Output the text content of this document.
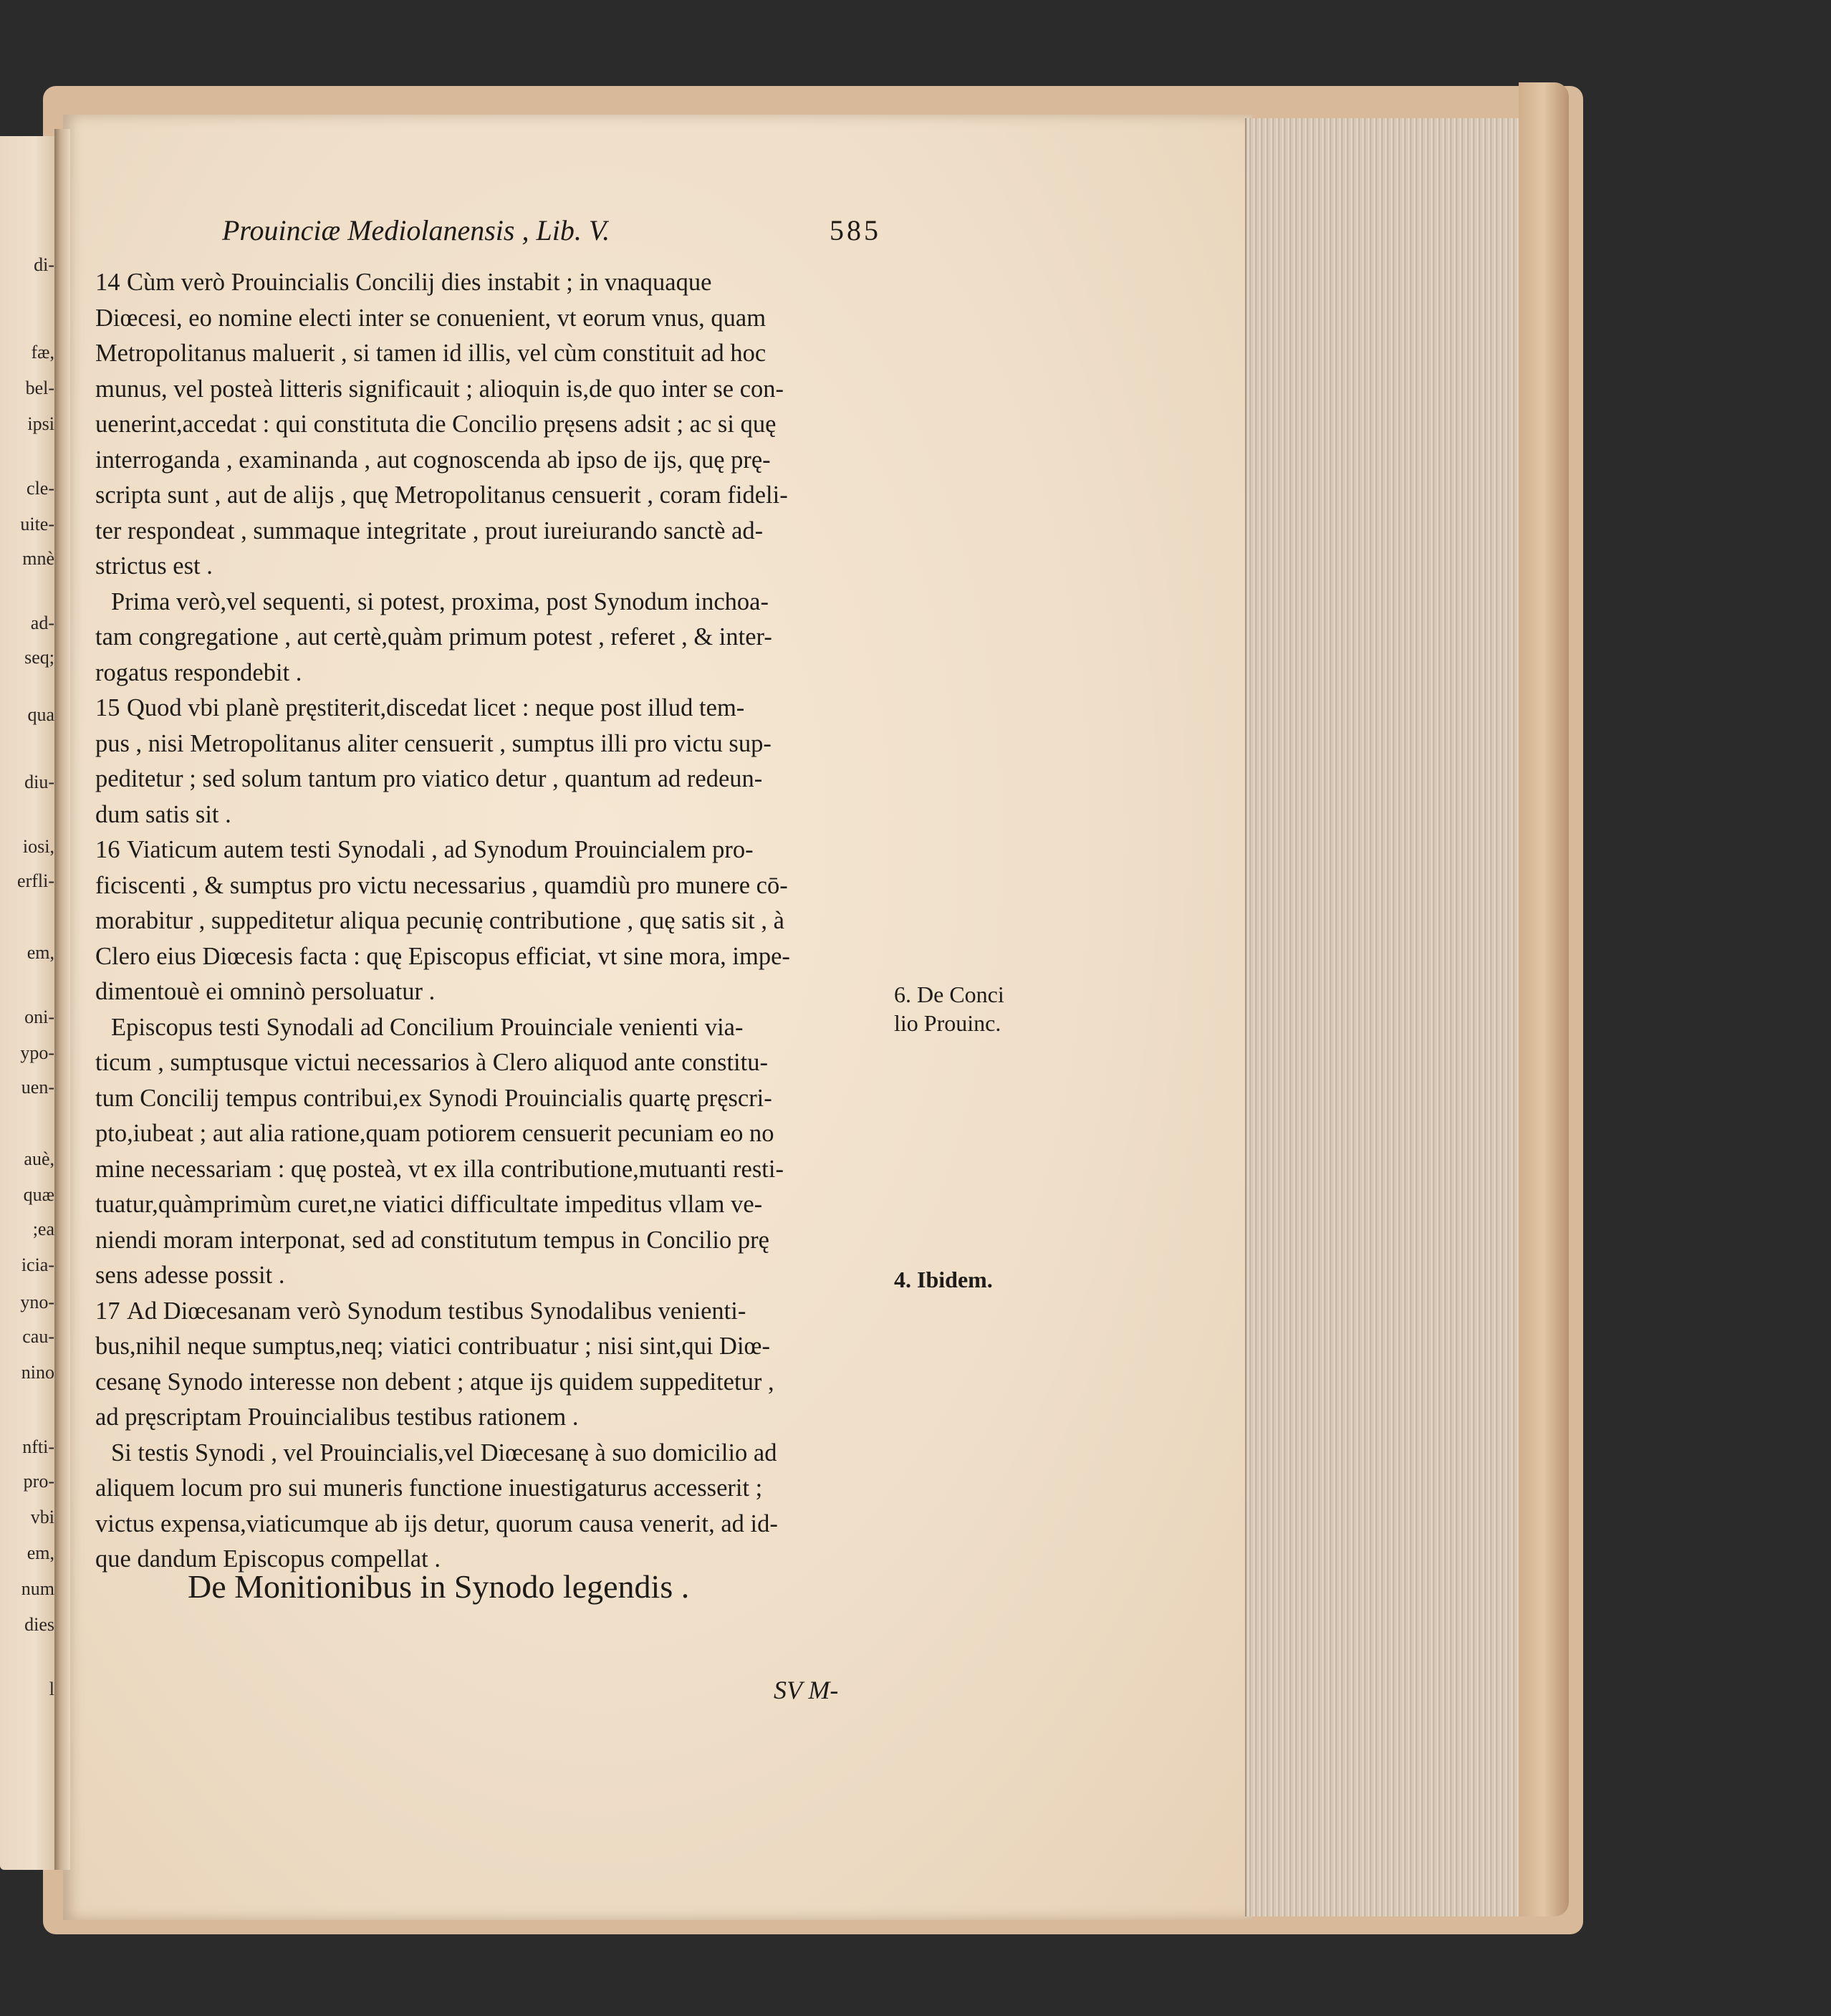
di-
fæ,
bel-
ipsi
cle-
uite-
mnè
ad-
seq;
qua
diu-
iosi,
erfli-
em,
oni-
ypo-
uen-
auè,
quæ
;ea
icia-
yno-
cau-
nino
nfti-
pro-
vbi
em,
num
dies
l
Prouinciæ Mediolanensis , Lib. V.	585

14 Cùm verò Prouincialis Concilij dies instabit ; in vnaquaque
Diœcesi, eo nomine electi inter se conuenient, vt eorum vnus, quam
Metropolitanus maluerit , si tamen id illis, vel cùm constituit ad hoc
munus, vel posteà litteris significauit ; alioquin is,de quo inter se con-
uenerint,accedat : qui constituta die Concilio pręsens adsit ; ac si quę
interroganda , examinanda , aut cognoscenda ab ipso de ijs, quę prę-
scripta sunt , aut de alijs , quę Metropolitanus censuerit , coram fideli-
ter respondeat , summaque integritate , prout iureiurando sanctè ad-
strictus est .

Prima verò,vel sequenti, si potest, proxima, post Synodum inchoa-
tam congregatione , aut certè,quàm primum potest , referet , & inter-
rogatus respondebit .

15 Quod vbi planè pręstiterit,discedat licet : neque post illud tem-
pus , nisi Metropolitanus aliter censuerit , sumptus illi pro victu sup-
peditetur ; sed solum tantum pro viatico detur , quantum ad redeun-
dum satis sit .

16 Viaticum autem testi Synodali , ad Synodum Prouincialem pro-
ficiscenti , & sumptus pro victu necessarius , quamdiù pro munere cō-
morabitur , suppeditetur aliqua pecunię contributione , quę satis sit , à
Clero eius Diœcesis facta : quę Episcopus efficiat, vt sine mora, impe-
dimentouè ei omninò persoluatur .

Episcopus testi Synodali ad Concilium Prouinciale venienti via-
ticum , sumptusque victui necessarios à Clero aliquod ante constitu-
tum Concilij tempus contribui,ex Synodi Prouincialis quartę pręscri-
pto,iubeat ; aut alia ratione,quam potiorem censuerit pecuniam eo no
mine necessariam : quę posteà, vt ex illa contributione,mutuanti resti-
tuatur,quàmprimùm curet,ne viatici difficultate impeditus vllam ve-
niendi moram interponat, sed ad constitutum tempus in Concilio prę
sens adesse possit .

17 Ad Diœcesanam verò Synodum testibus Synodalibus venienti-
bus,nihil neque sumptus,neq; viatici contribuatur ; nisi sint,qui Diœ-
cesanę Synodo interesse non debent ; atque ijs quidem suppeditetur ,
ad pręscriptam Prouincialibus testibus rationem .

Si testis Synodi , vel Prouincialis,vel Diœcesanę à suo domicilio ad
aliquem locum pro sui muneris functione inuestigaturus accesserit ;
victus expensa,viaticumque ab ijs detur, quorum causa venerit, ad id-
que dandum Episcopus compellat .

6. De Conci
lio Prouinc.
4. Ibidem.
De Monitionibus in Synodo legendis .
SV M-
